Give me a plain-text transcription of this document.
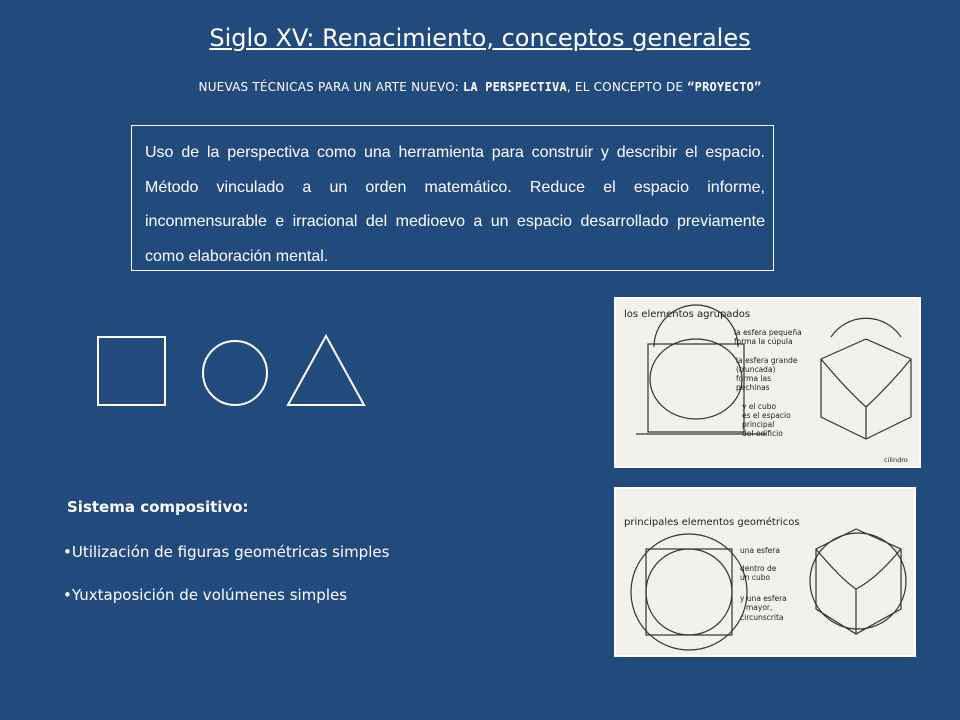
Siglo XV: Renacimiento, conceptos generales
NUEVAS TÉCNICAS PARA UN ARTE NUEVO: LA PERSPECTIVA, EL CONCEPTO DE “PROYECTO”
Uso de la perspectiva como una herramienta para construir y describir el espacio. Método vinculado a un orden matemático. Reduce el espacio informe, inconmensurable e irracional del medioevo a un espacio desarrollado previamente como elaboración mental.
los elementos agrupados
la esfera pequeña
forma la cúpula
la esfera grande
(truncada)
forma las
pechinas
y el cubo
es el espacio
principal
del edificio
cilindro
principales elementos geométricos
una esfera
dentro de
un cubo
y una esfera
mayor,
circunscrita
Sistema compositivo:
•Utilización de figuras geométricas simples
•Yuxtaposición de volúmenes simples
